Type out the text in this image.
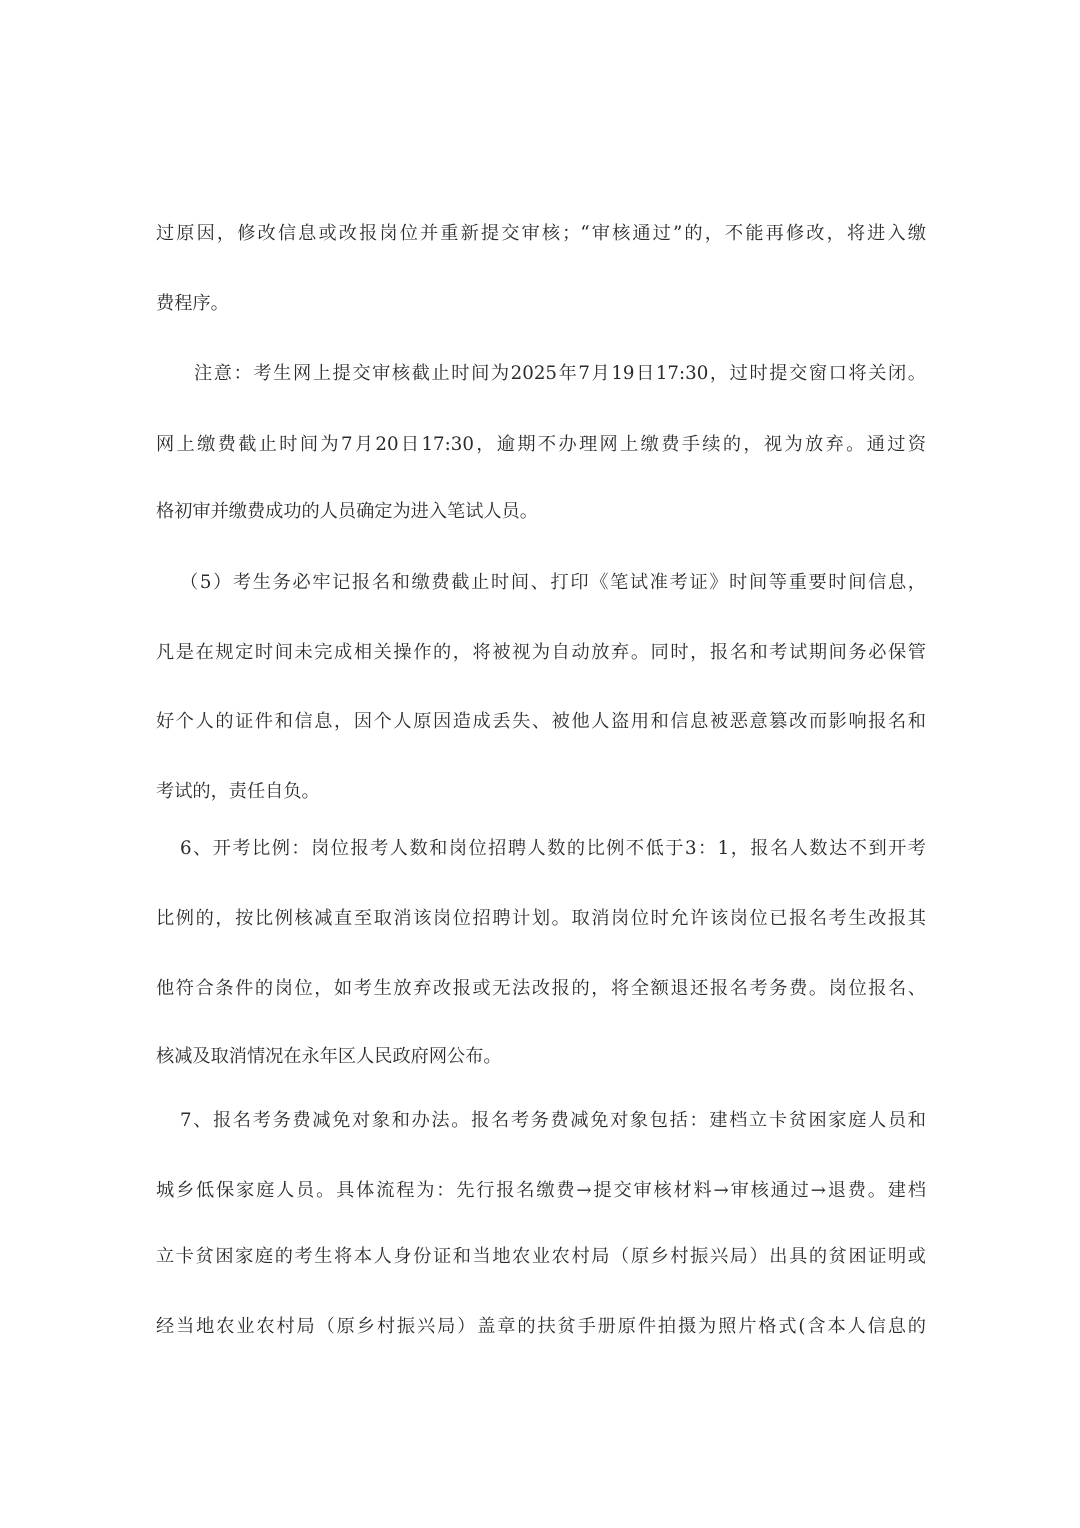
过原因，修改信息或改报岗位并重新提交审核；“审核通过”的，不能再修改，将进入缴
费程序。
注意：考生网上提交审核截止时间为2025年7月19日17:30，过时提交窗口将关闭。
网上缴费截止时间为7月20日17:30，逾期不办理网上缴费手续的，视为放弃。通过资
格初审并缴费成功的人员确定为进入笔试人员。
（5）考生务必牢记报名和缴费截止时间、打印《笔试准考证》时间等重要时间信息，
凡是在规定时间未完成相关操作的，将被视为自动放弃。同时，报名和考试期间务必保管
好个人的证件和信息，因个人原因造成丢失、被他人盗用和信息被恶意篡改而影响报名和
考试的，责任自负。
6、开考比例：岗位报考人数和岗位招聘人数的比例不低于3：1，报名人数达不到开考
比例的，按比例核减直至取消该岗位招聘计划。取消岗位时允许该岗位已报名考生改报其
他符合条件的岗位，如考生放弃改报或无法改报的，将全额退还报名考务费。岗位报名、
核减及取消情况在永年区人民政府网公布。
7、报名考务费减免对象和办法。报名考务费减免对象包括：建档立卡贫困家庭人员和
城乡低保家庭人员。具体流程为：先行报名缴费→提交审核材料→审核通过→退费。建档
立卡贫困家庭的考生将本人身份证和当地农业农村局（原乡村振兴局）出具的贫困证明或
经当地农业农村局（原乡村振兴局）盖章的扶贫手册原件拍摄为照片格式(含本人信息的
